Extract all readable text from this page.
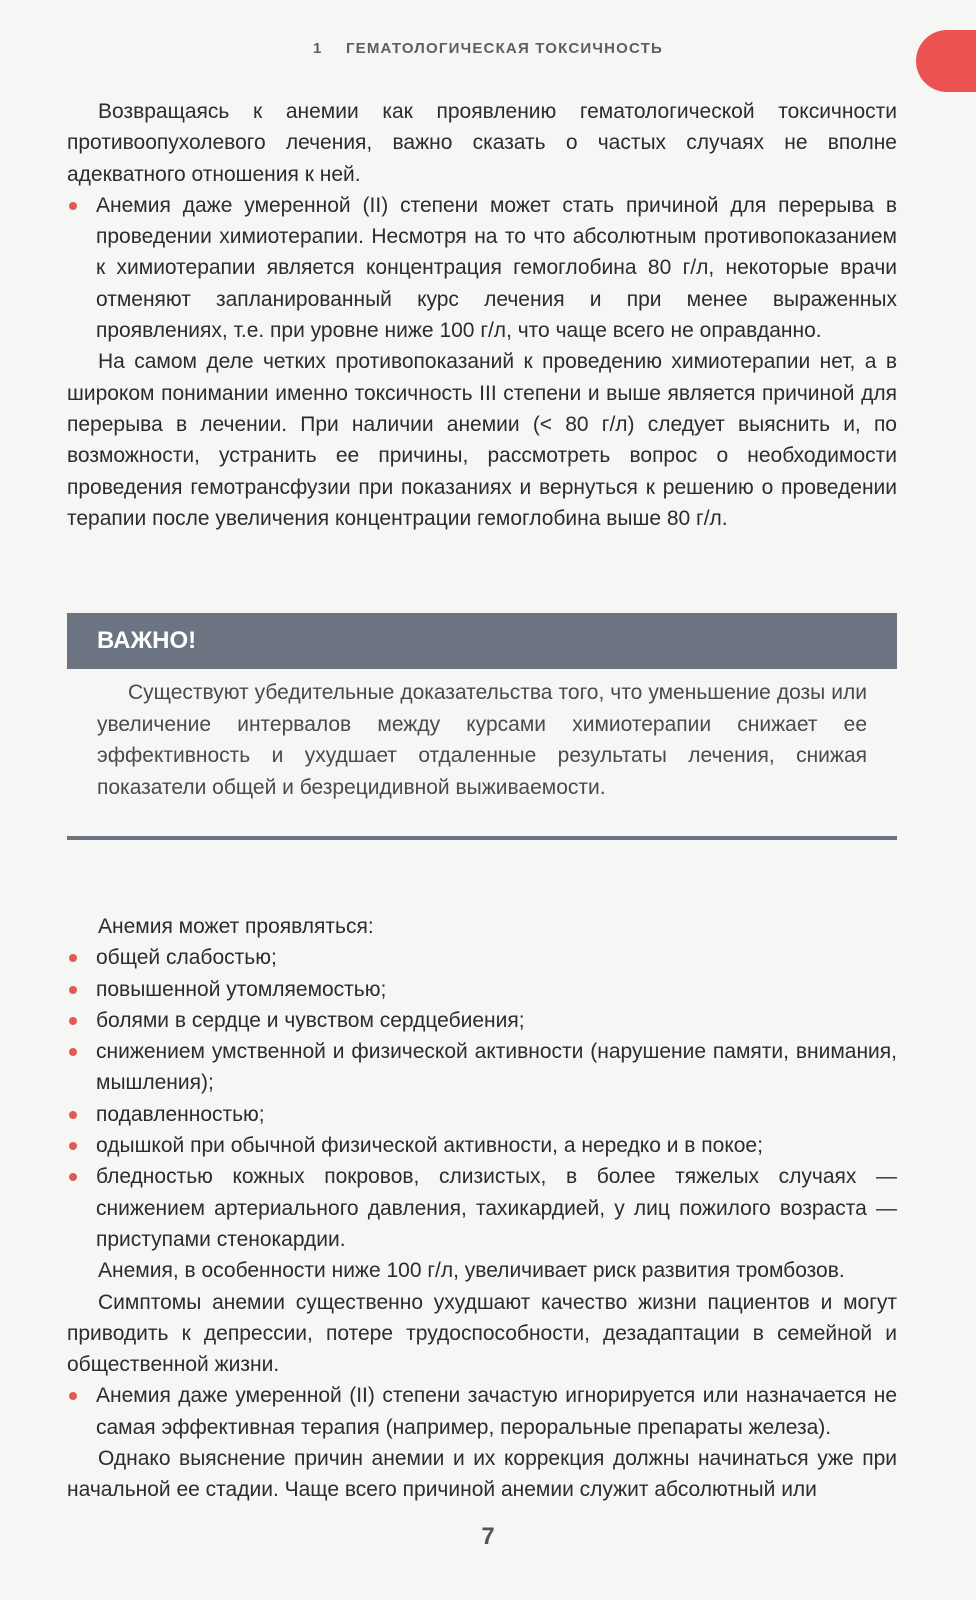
1 ГЕМАТОЛОГИЧЕСКАЯ ТОКСИЧНОСТЬ

Возвращаясь к анемии как проявлению гематологической токсичности противоопухолевого лечения, важно сказать о частых случаях не вполне адекватного отношения к ней.

Анемия даже умеренной (II) степени может стать причиной для перерыва в проведении химиотерапии. Несмотря на то что абсолютным противопоказанием к химиотерапии является концентрация гемоглобина 80 г/л, некоторые врачи отменяют запланированный курс лечения и при менее выраженных проявлениях, т.е. при уровне ниже 100 г/л, что чаще всего не оправданно.

На самом деле четких противопоказаний к проведению химиотерапии нет, а в широком понимании именно токсичность III степени и выше является причиной для перерыва в лечении. При наличии анемии (< 80 г/л) следует выяснить и, по возможности, устранить ее причины, рассмотреть вопрос о необходимости проведения гемотрансфузии при показаниях и вернуться к решению о проведении терапии после увеличения концентрации гемоглобина выше 80 г/л.

ВАЖНО!

Существуют убедительные доказательства того, что уменьшение дозы или увеличение интервалов между курсами химиотерапии снижает ее эффективность и ухудшает отдаленные результаты лечения, снижая показатели общей и безрецидивной выживаемости.

Анемия может проявляться:

общей слабостью;
повышенной утомляемостью;
болями в сердце и чувством сердцебиения;
снижением умственной и физической активности (нарушение памяти, внимания, мышления);
подавленностью;
одышкой при обычной физической активности, а нередко и в покое;
бледностью кожных покровов, слизистых, в более тяжелых случаях — снижением артериального давления, тахикардией, у лиц пожилого возраста — приступами стенокардии.

Анемия, в особенности ниже 100 г/л, увеличивает риск развития тромбозов.

Симптомы анемии существенно ухудшают качество жизни пациентов и могут приводить к депрессии, потере трудоспособности, дезадаптации в семейной и общественной жизни.

Анемия даже умеренной (II) степени зачастую игнорируется или назначается не самая эффективная терапия (например, пероральные препараты железа).

Однако выяснение причин анемии и их коррекция должны начинаться уже при начальной ее стадии. Чаще всего причиной анемии служит абсолютный или

7
